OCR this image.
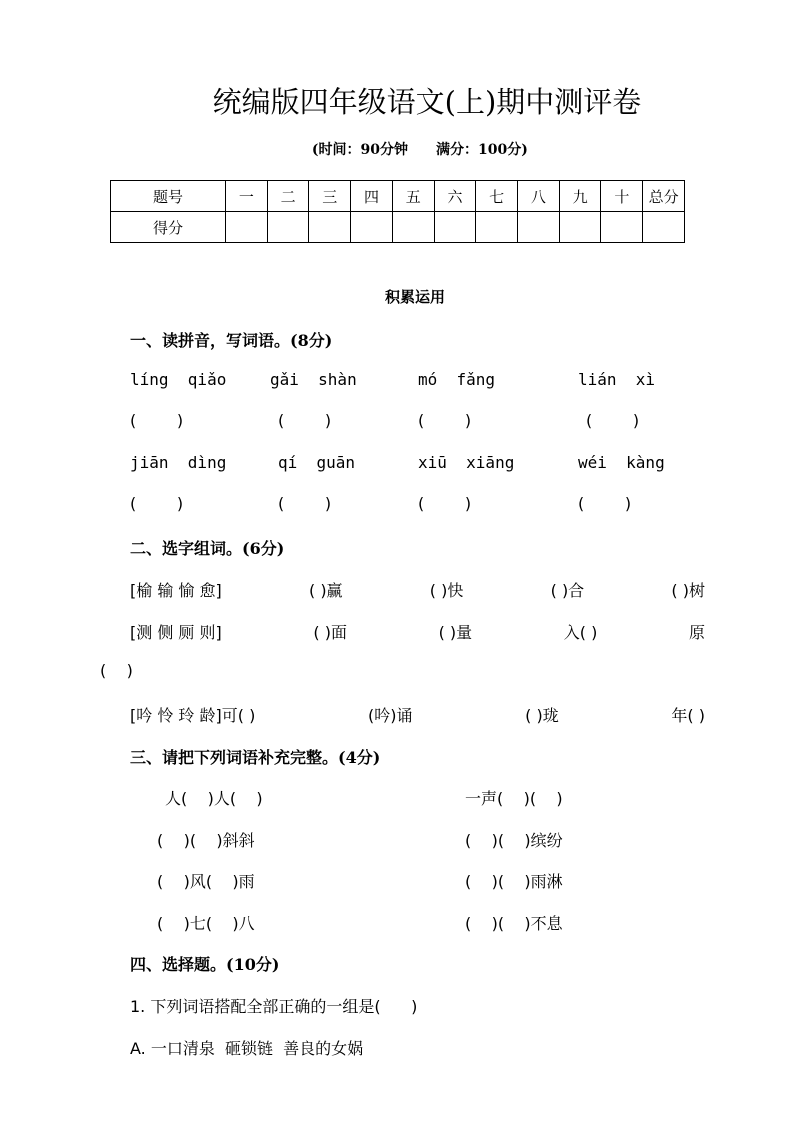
统编版四年级语文(上)期中测评卷

(时间：90分钟 满分：100分)

题号	一	二	三	四	五	六	七	八	九	十	总分
得分											
积累运用
一、读拼音，写词语。(8分)
líng  qiǎo	gǎi  shàn	mó  fǎng	lián  xì
(        )	(        )	(        )	(        )
jiān  dìng	qí  guān	xiū  xiāng	wéi  kàng
(        )	(        )	(        )	(        )
二、选字组词。(6分)
[榆 输 愉 愈]	( )赢	( )快	( )合	( )树
[测 侧 厕 则]	( )面	( )量	入( )	原
(    )
[吟 怜 玲 龄]可( )	(吟)诵	( )珑	年( )
三、请把下列词语补充完整。(4分)
人(    )人(    )	一声(    )(    )
(    )(    )斜斜	(    )(    )缤纷
(    )风(    )雨	(    )(    )雨淋
(    )七(    )八	(    )(    )不息
四、选择题。(10分)
1. 下列词语搭配全部正确的一组是(      )
A. 一口清泉  砸锁链  善良的女娲
